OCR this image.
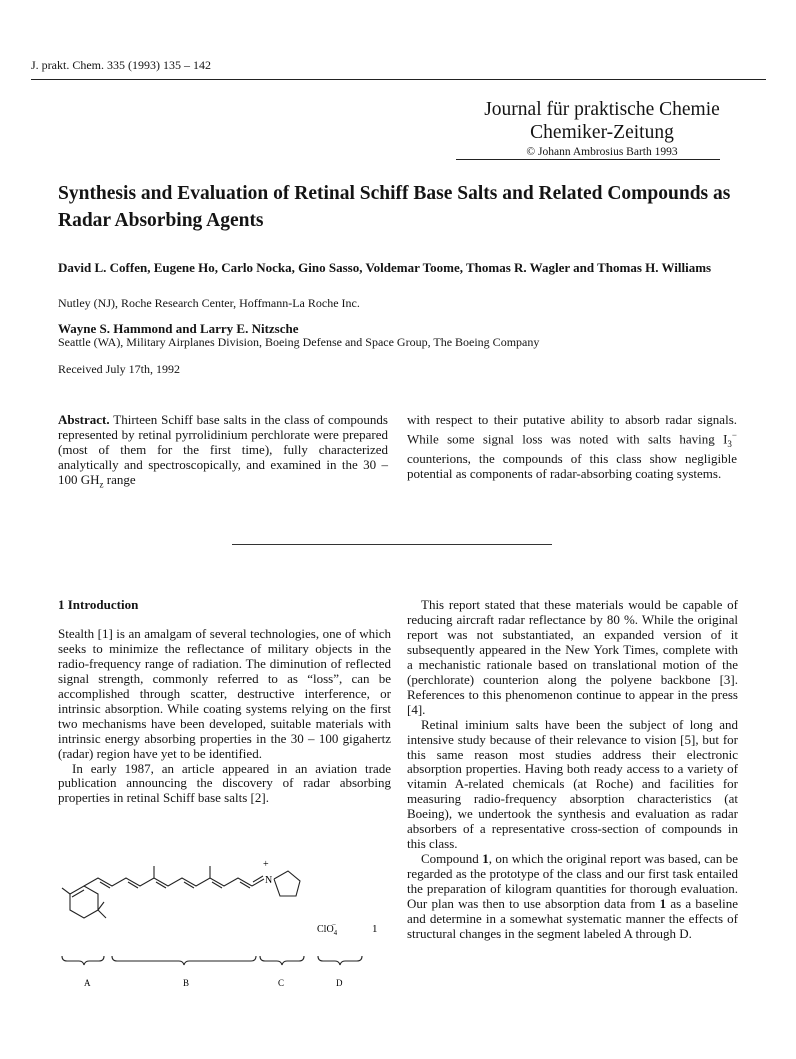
J. prakt. Chem. 335 (1993) 135 – 142
Journal für praktische Chemie
Chemiker-Zeitung
© Johann Ambrosius Barth 1993
Synthesis and Evaluation of Retinal Schiff Base Salts and Related Compounds as Radar Absorbing Agents
David L. Coffen, Eugene Ho, Carlo Nocka, Gino Sasso, Voldemar Toome, Thomas R. Wagler and Thomas H. Williams
Nutley (NJ), Roche Research Center, Hoffmann-La Roche Inc.
Wayne S. Hammond and Larry E. Nitzsche
Seattle (WA), Military Airplanes Division, Boeing Defense and Space Group, The Boeing Company
Received July 17th, 1992

Abstract. Thirteen Schiff base salts in the class of compounds represented by retinal pyrrolidinium perchlorate were prepared (most of them for the first time), fully characterized analytically and spectroscopically, and examined in the 30 – 100 $GH_z$ range

with respect to their putative ability to absorb radar signals. While some signal loss was noted with salts having $I_3^-$ counterions, the compounds of this class show negligible potential as components of radar-absorbing coating systems.

1 Introduction

Stealth [1] is an amalgam of several technologies, one of which seeks to minimize the reflectance of military objects in the radio-frequency range of radiation. The diminution of reflected signal strength, commonly referred to as “loss”, can be accomplished through scatter, destructive interference, or intrinsic absorption. While coating systems relying on the first two mechanisms have been developed, suitable materials with intrinsic energy absorbing properties in the 30 – 100 gigahertz (radar) region have yet to be identified.

In early 1987, an article appeared in an aviation trade publication announcing the discovery of radar absorbing properties in retinal Schiff base salts [2].

+
N
ClO$_4$−	1
A	B	C	D

This report stated that these materials would be capable of reducing aircraft radar reflectance by 80 %. While the original report was not substantiated, an expanded version of it subsequently appeared in the New York Times, complete with a mechanistic rationale based on translational motion of the (perchlorate) counterion along the polyene backbone [3]. References to this phenomenon continue to appear in the press [4].

Retinal iminium salts have been the subject of long and intensive study because of their relevance to vision [5], but for this same reason most studies address their electronic absorption properties. Having both ready access to a variety of vitamin A-related chemicals (at Roche) and facilities for measuring radio-frequency absorption characteristics (at Boeing), we undertook the synthesis and evaluation as radar absorbers of a representative cross-section of compounds in this class.

Compound 1, on which the original report was based, can be regarded as the prototype of the class and our first task entailed the preparation of kilogram quantities for thorough evaluation. Our plan was then to use absorption data from 1 as a baseline and determine in a somewhat systematic manner the effects of structural changes in the segment labeled A through D.
